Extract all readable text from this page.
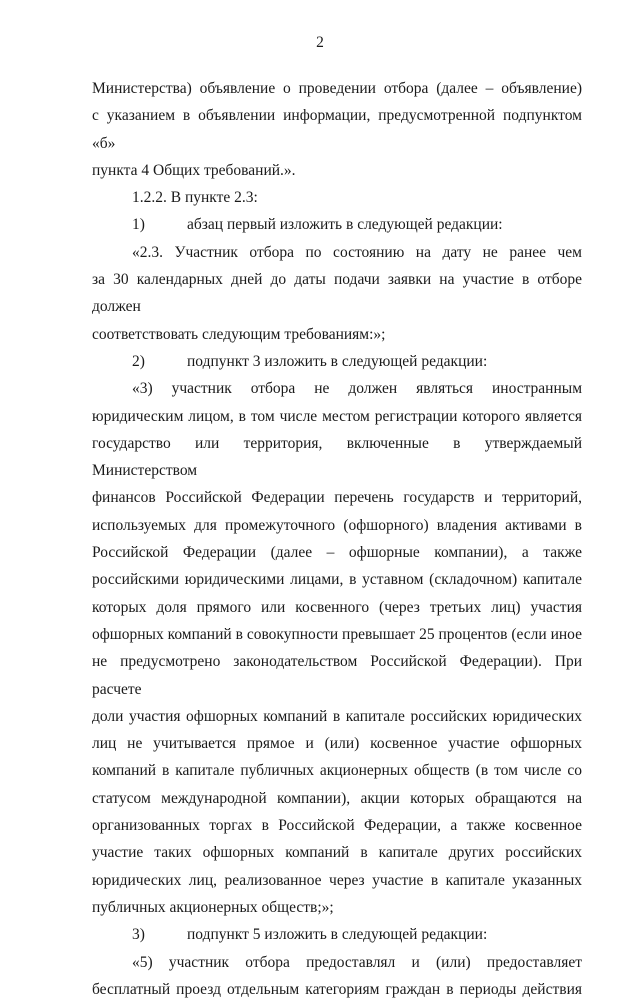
2
Министерства) объявление о проведении отбора (далее – объявление)
с указанием в объявлении информации, предусмотренной подпунктом «б»
пункта 4 Общих требований.».
1.2.2. В пункте 2.3:
1)	абзац первый изложить в следующей редакции:
«2.3. Участник отбора по состоянию на дату не ранее чем
за 30 календарных дней до даты подачи заявки на участие в отборе должен
соответствовать следующим требованиям:»;
2)	подпункт 3 изложить в следующей редакции:
«3) участник отбора не должен являться иностранным
юридическим лицом, в том числе местом регистрации которого является
государство или территория, включенные в утверждаемый Министерством
финансов Российской Федерации перечень государств и территорий,
используемых для промежуточного (офшорного) владения активами в
Российской Федерации (далее – офшорные компании), а также
российскими юридическими лицами, в уставном (складочном) капитале
которых доля прямого или косвенного (через третьих лиц) участия
офшорных компаний в совокупности превышает 25 процентов (если иное
не предусмотрено законодательством Российской Федерации). При расчете
доли участия офшорных компаний в капитале российских юридических
лиц не учитывается прямое и (или) косвенное участие офшорных
компаний в капитале публичных акционерных обществ (в том числе со
статусом международной компании), акции которых обращаются на
организованных торгах в Российской Федерации, а также косвенное
участие таких офшорных компаний в капитале других российских
юридических лиц, реализованное через участие в капитале указанных
публичных акционерных обществ;»;
3)	подпункт 5 изложить в следующей редакции:
«5) участник отбора предоставлял и (или) предоставляет
бесплатный проезд отдельным категориям граждан в периоды действия
